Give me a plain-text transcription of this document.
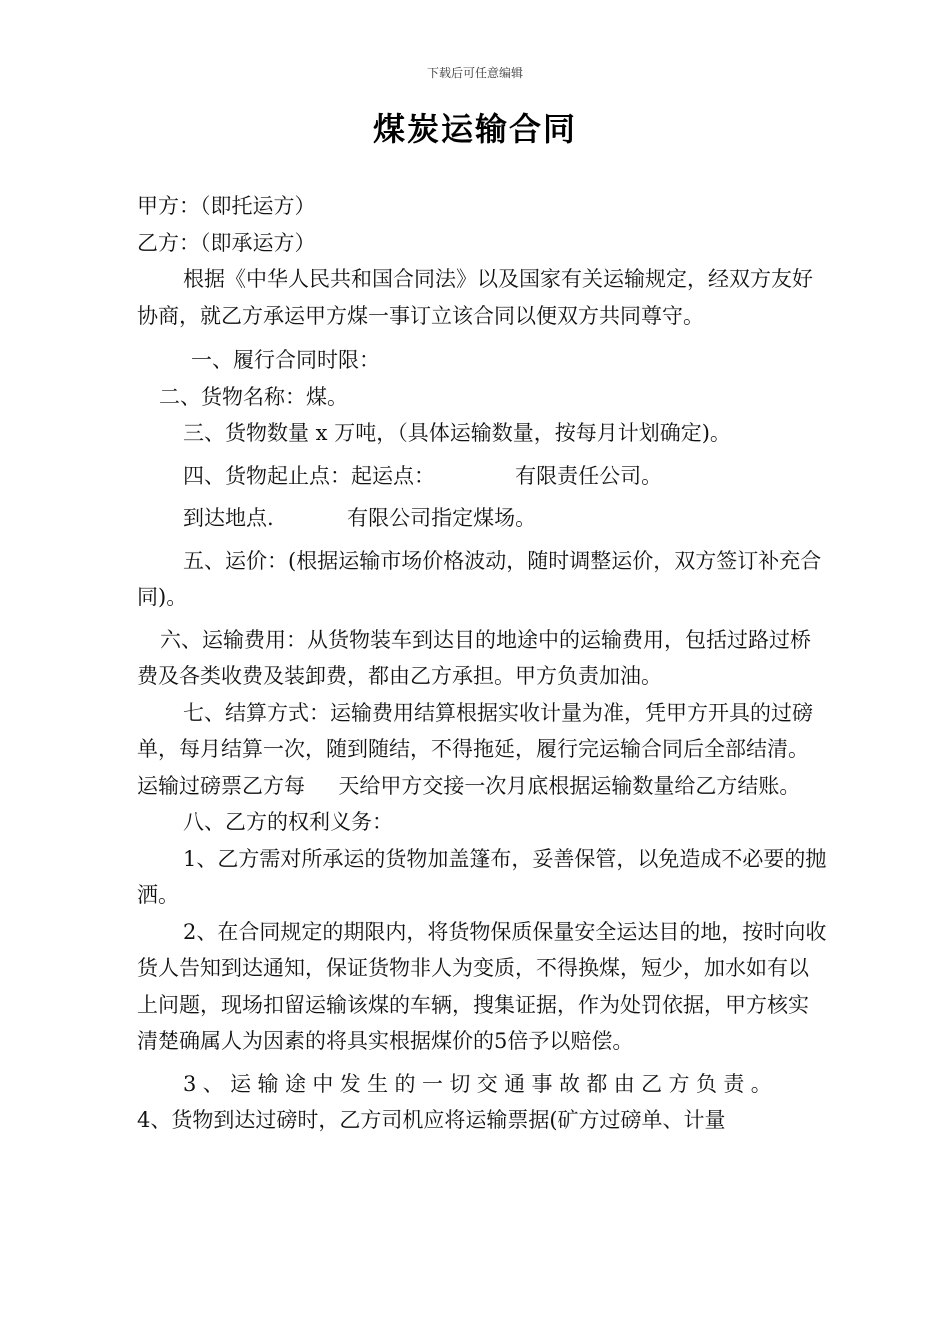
下载后可任意编辑
煤炭运输合同

甲方：（即托运方）

乙方：（即承运方）

根据《中华人民共和国合同法》以及国家有关运输规定，经双方友好协商，就乙方承运甲方煤一事订立该合同以便双方共同尊守。

一、履行合同时限：

二、货物名称：煤。

三、货物数量 x 万吨，（具体运输数量，按每月计划确定)。

四、货物起止点：起运点：            有限责任公司。

到达地点.           有限公司指定煤场。

五、运价：(根据运输市场价格波动，随时调整运价，双方签订补充合同)。

六、运输费用：从货物装车到达目的地途中的运输费用，包括过路过桥费及各类收费及装卸费，都由乙方承担。甲方负责加油。

七、结算方式：运输费用结算根据实收计量为准，凭甲方开具的过磅单，每月结算一次，随到随结，不得拖延，履行完运输合同后全部结清。运输过磅票乙方每     天给甲方交接一次月底根据运输数量给乙方结账。

八、乙方的权利义务：

1、乙方需对所承运的货物加盖篷布，妥善保管，以免造成不必要的抛洒。

2、在合同规定的期限内，将货物保质保量安全运达目的地，按时向收货人告知到达通知，保证货物非人为变质，不得换煤，短少，加水如有以上问题，现场扣留运输该煤的车辆，搜集证据，作为处罚依据，甲方核实清楚确属人为因素的将具实根据煤价的5倍予以赔偿。

3、运输途中发生的一切交通事故都由乙方负责。

4、货物到达过磅时，乙方司机应将运输票据(矿方过磅单、计量
